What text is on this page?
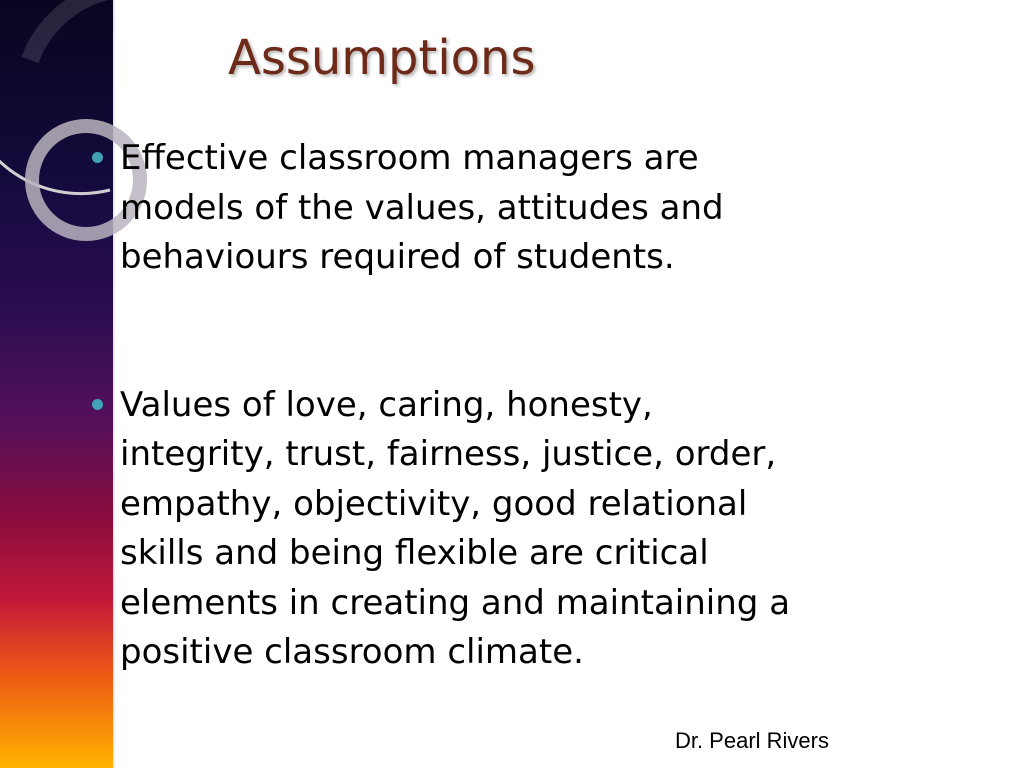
Assumptions
Effective classroom managers are models of the values, attitudes and behaviours required of students.
Values of love, caring, honesty, integrity, trust, fairness, justice, order, empathy, objectivity, good relational skills and being flexible are critical elements in creating and maintaining a positive classroom climate.
Dr. Pearl Rivers
